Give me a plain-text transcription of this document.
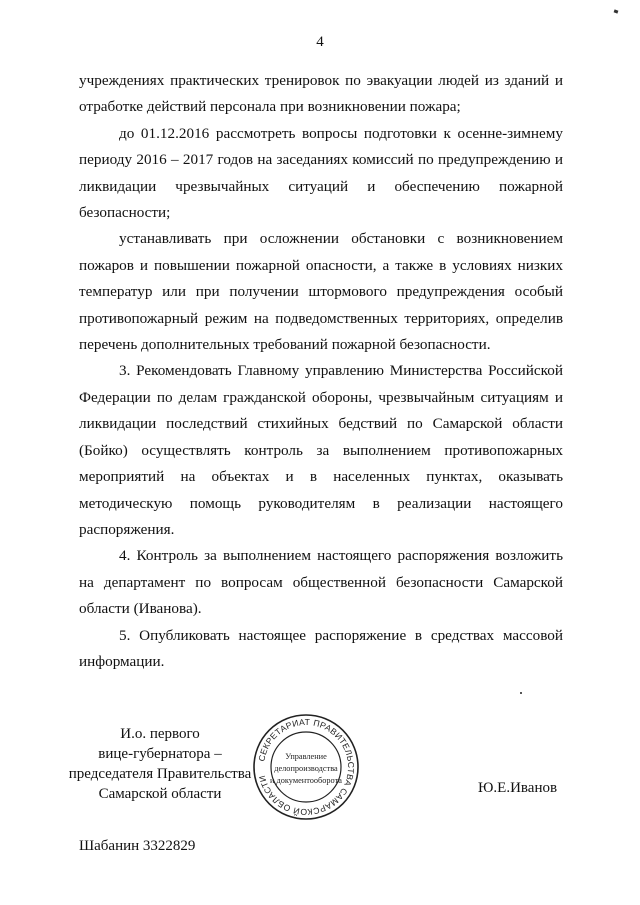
4

учреждениях практических тренировок по эвакуации людей из зданий и отработке действий персонала при возникновении пожара;

до 01.12.2016 рассмотреть вопросы подготовки к осенне-зимнему периоду 2016 – 2017 годов на заседаниях комиссий по предупреждению и ликвидации чрезвычайных ситуаций и обеспечению пожарной безопасности;

устанавливать при осложнении обстановки с возникновением пожаров и повышении пожарной опасности, а также в условиях низких температур или при получении штормового предупреждения особый противопожарный режим на подведомственных территориях, определив перечень дополнительных требований пожарной безопасности.

3. Рекомендовать Главному управлению Министерства Российской Федерации по делам гражданской обороны, чрезвычайным ситуациям и ликвидации последствий стихийных бедствий по Самарской области (Бойко) осуществлять контроль за выполнением противопожарных мероприятий на объектах и в населенных пунктах, оказывать методическую помощь руководителям в реализации настоящего распоряжения.

4. Контроль за выполнением настоящего распоряжения возложить на департамент по вопросам общественной безопасности Самарской области (Иванова).

5. Опубликовать настоящее распоряжение в средствах массовой информации.

И.о. первого
вице-губернатора –
председателя Правительства
Самарской области
СЕКРЕТАРИАТ ПРАВИТЕЛЬСТВА САМАРСКОЙ ОБЛАСТИ
Управление
делопроизводства
и документооборота	Ю.Е.Иванов
Шабанин 3322829
